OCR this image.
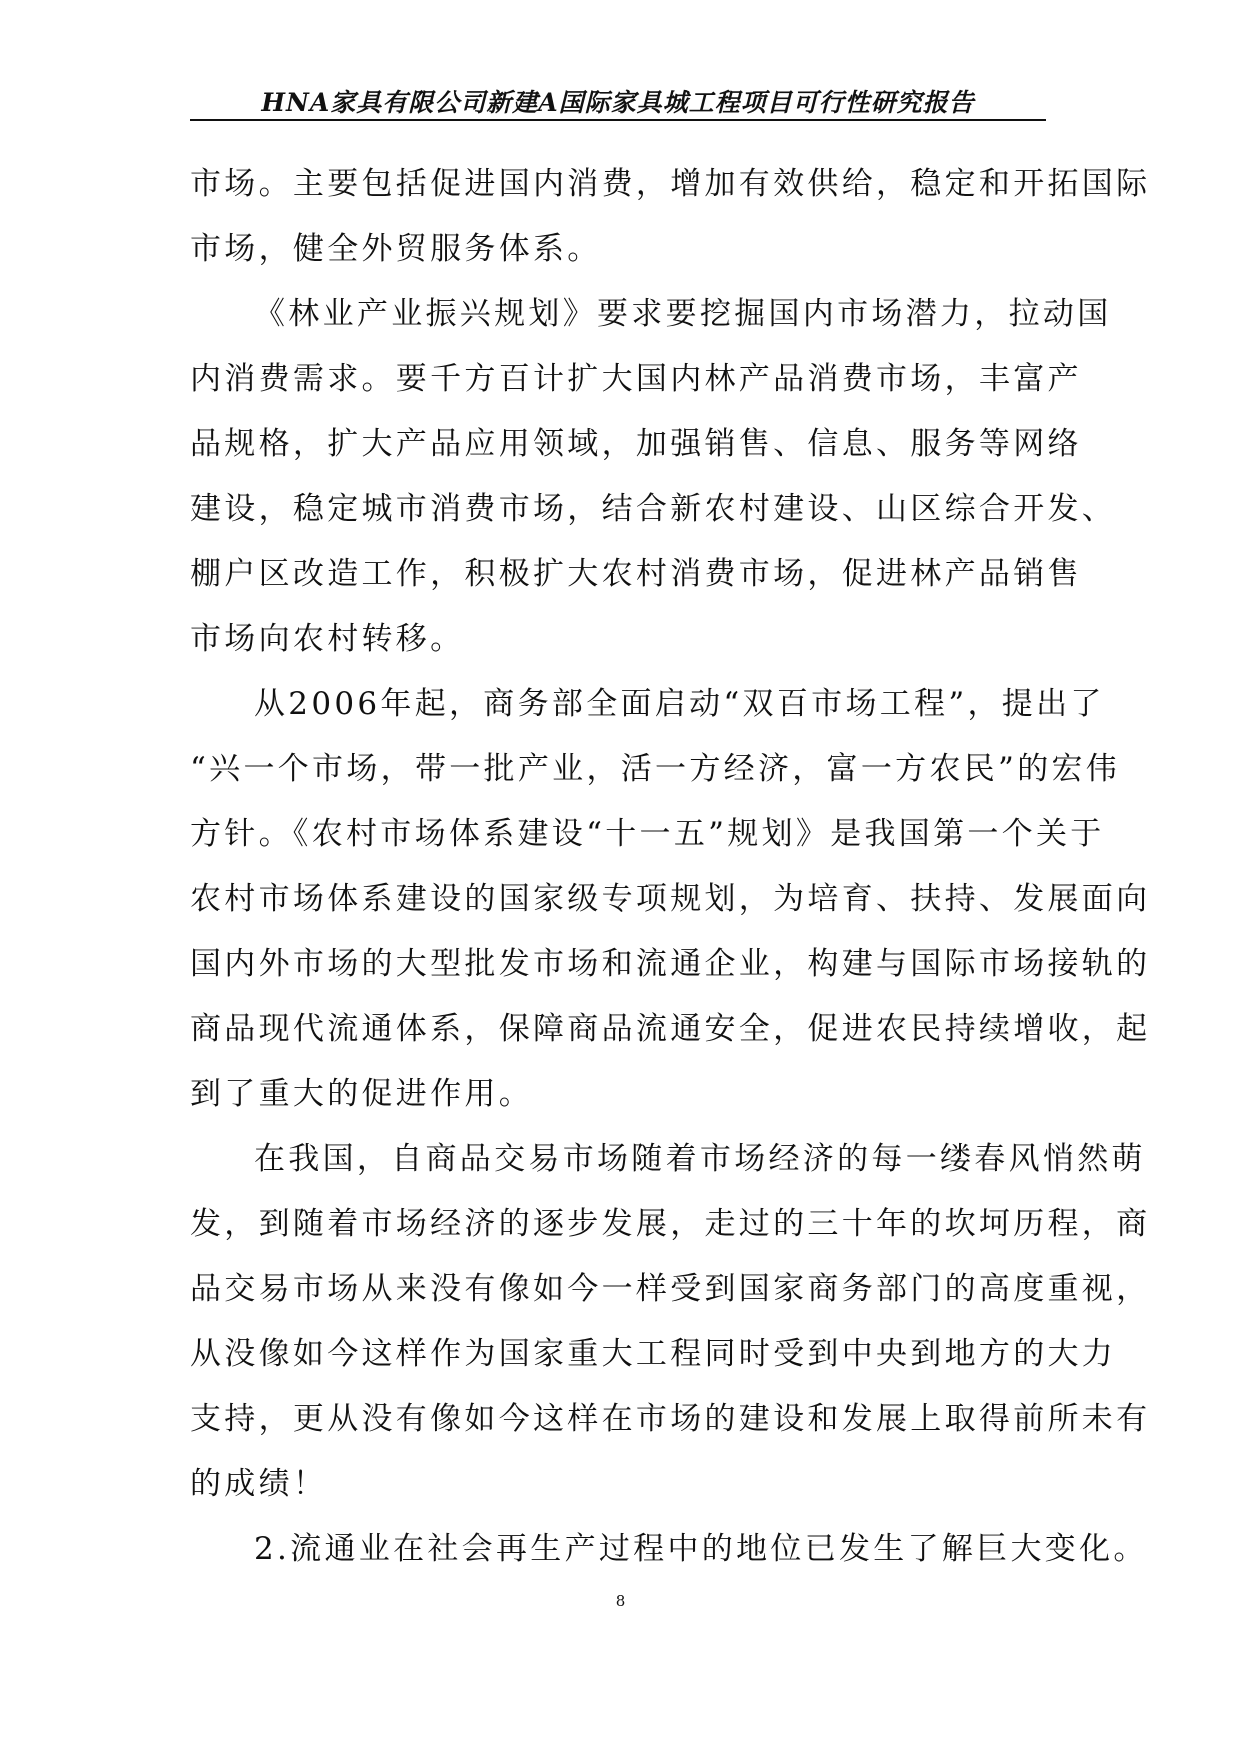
HNA家具有限公司新建A国际家具城工程项目可行性研究报告
市场。主要包括促进国内消费，增加有效供给，稳定和开拓国际
市场，健全外贸服务体系。
《林业产业振兴规划》要求要挖掘国内市场潜力，拉动国
内消费需求。要千方百计扩大国内林产品消费市场，丰富产
品规格，扩大产品应用领域，加强销售、信息、服务等网络
建设，稳定城市消费市场，结合新农村建设、山区综合开发、
棚户区改造工作，积极扩大农村消费市场，促进林产品销售
市场向农村转移。
从2006年起，商务部全面启动“双百市场工程”，提出了
“兴一个市场，带一批产业，活一方经济，富一方农民”的宏伟
方针。《农村市场体系建设“十一五”规划》是我国第一个关于
农村市场体系建设的国家级专项规划，为培育、扶持、发展面向
国内外市场的大型批发市场和流通企业，构建与国际市场接轨的
商品现代流通体系，保障商品流通安全，促进农民持续增收，起
到了重大的促进作用。
在我国，自商品交易市场随着市场经济的每一缕春风悄然萌
发，到随着市场经济的逐步发展，走过的三十年的坎坷历程，商
品交易市场从来没有像如今一样受到国家商务部门的高度重视，
从没像如今这样作为国家重大工程同时受到中央到地方的大力
支持，更从没有像如今这样在市场的建设和发展上取得前所未有
的成绩！
2.流通业在社会再生产过程中的地位已发生了解巨大变化。
8
